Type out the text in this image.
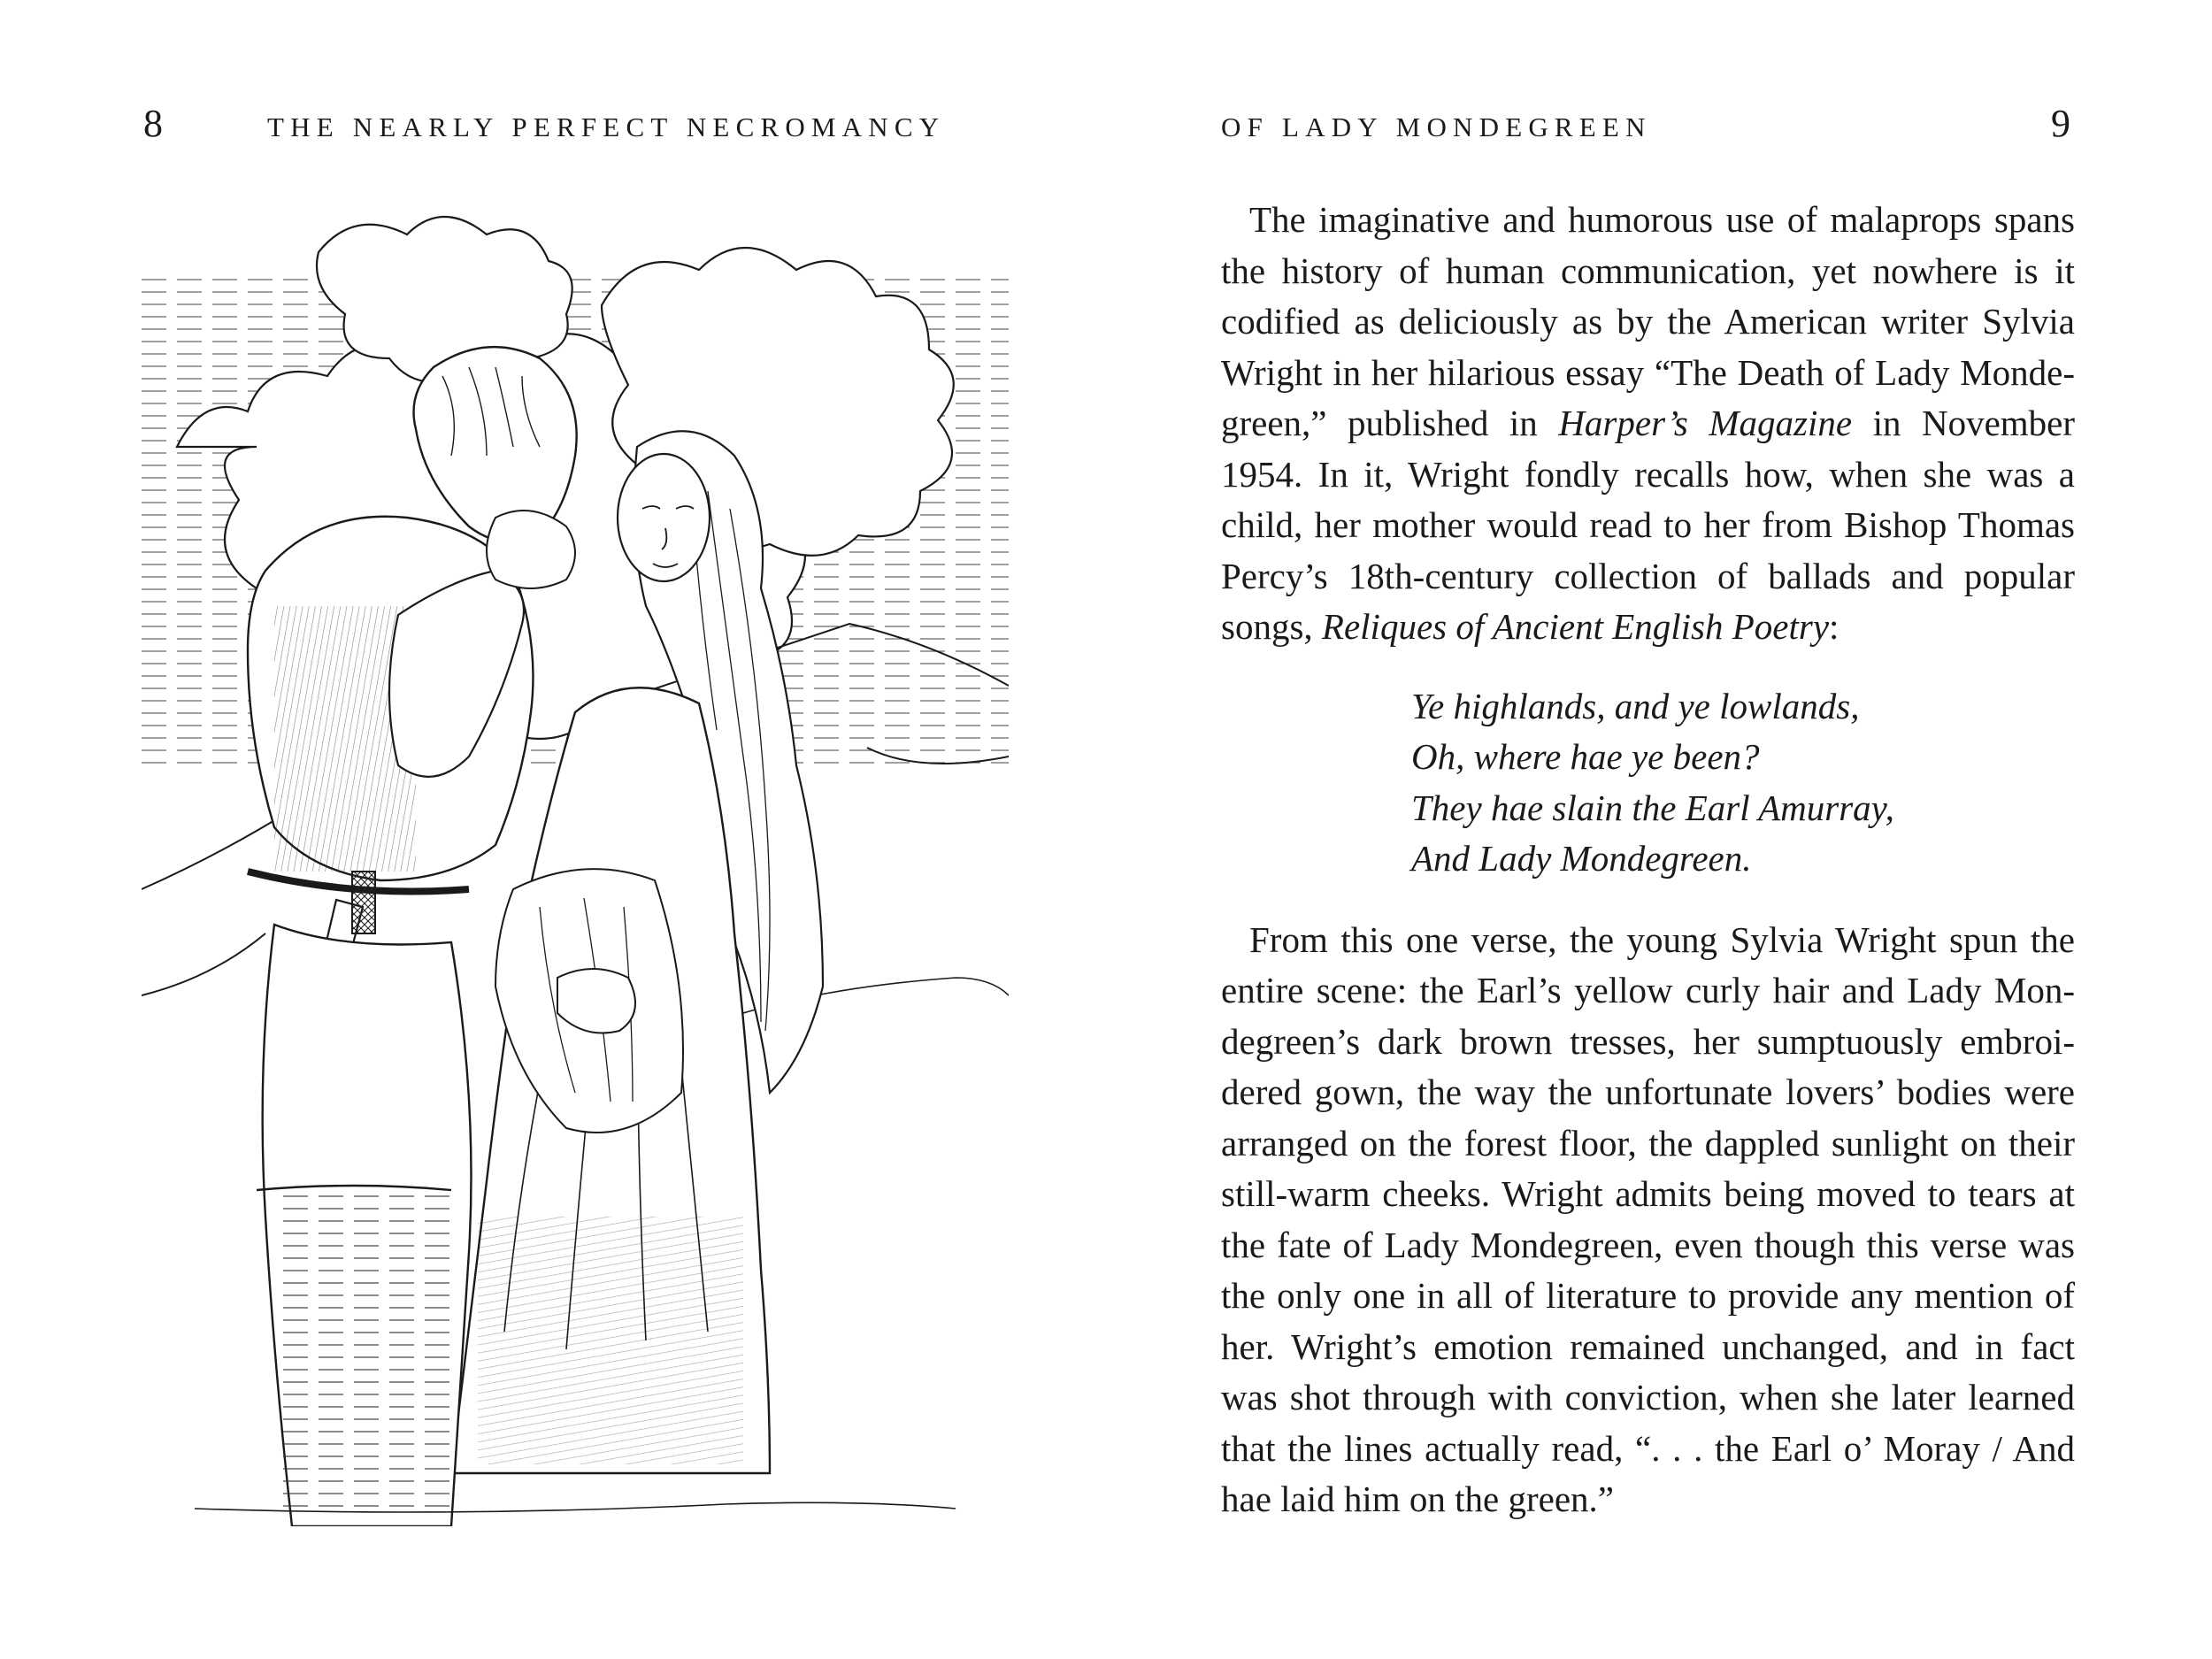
8	THE NEARLY PERFECT NECROMANCY	OF LADY MONDEGREEN	9

The imaginative and humorous use of malaprops spans the history of human communication, yet nowhere is it codified as deliciously as by the American writer Sylvia Wright in her hilarious essay “The Death of Lady Mondegreen,” published in Harper’s Magazine in November 1954. In it, Wright fondly recalls how, when she was a child, her mother would read to her from Bishop Thomas Percy’s 18th-century collection of ballads and popular songs, Reliques of Ancient English Poetry:

Ye highlands, and ye lowlands,
Oh, where hae ye been?
They hae slain the Earl Amurray,
And Lady Mondegreen.

From this one verse, the young Sylvia Wright spun the entire scene: the Earl’s yellow curly hair and Lady Mondegreen’s dark brown tresses, her sumptuously embroidered gown, the way the unfortunate lovers’ bodies were arranged on the forest floor, the dappled sunlight on their still-warm cheeks. Wright admits being moved to tears at the fate of Lady Mondegreen, even though this verse was the only one in all of literature to provide any mention of her. Wright’s emotion remained unchanged, and in fact was shot through with conviction, when she later learned that the lines actually read, “. . . the Earl o’ Moray / And hae laid him on the green.”
